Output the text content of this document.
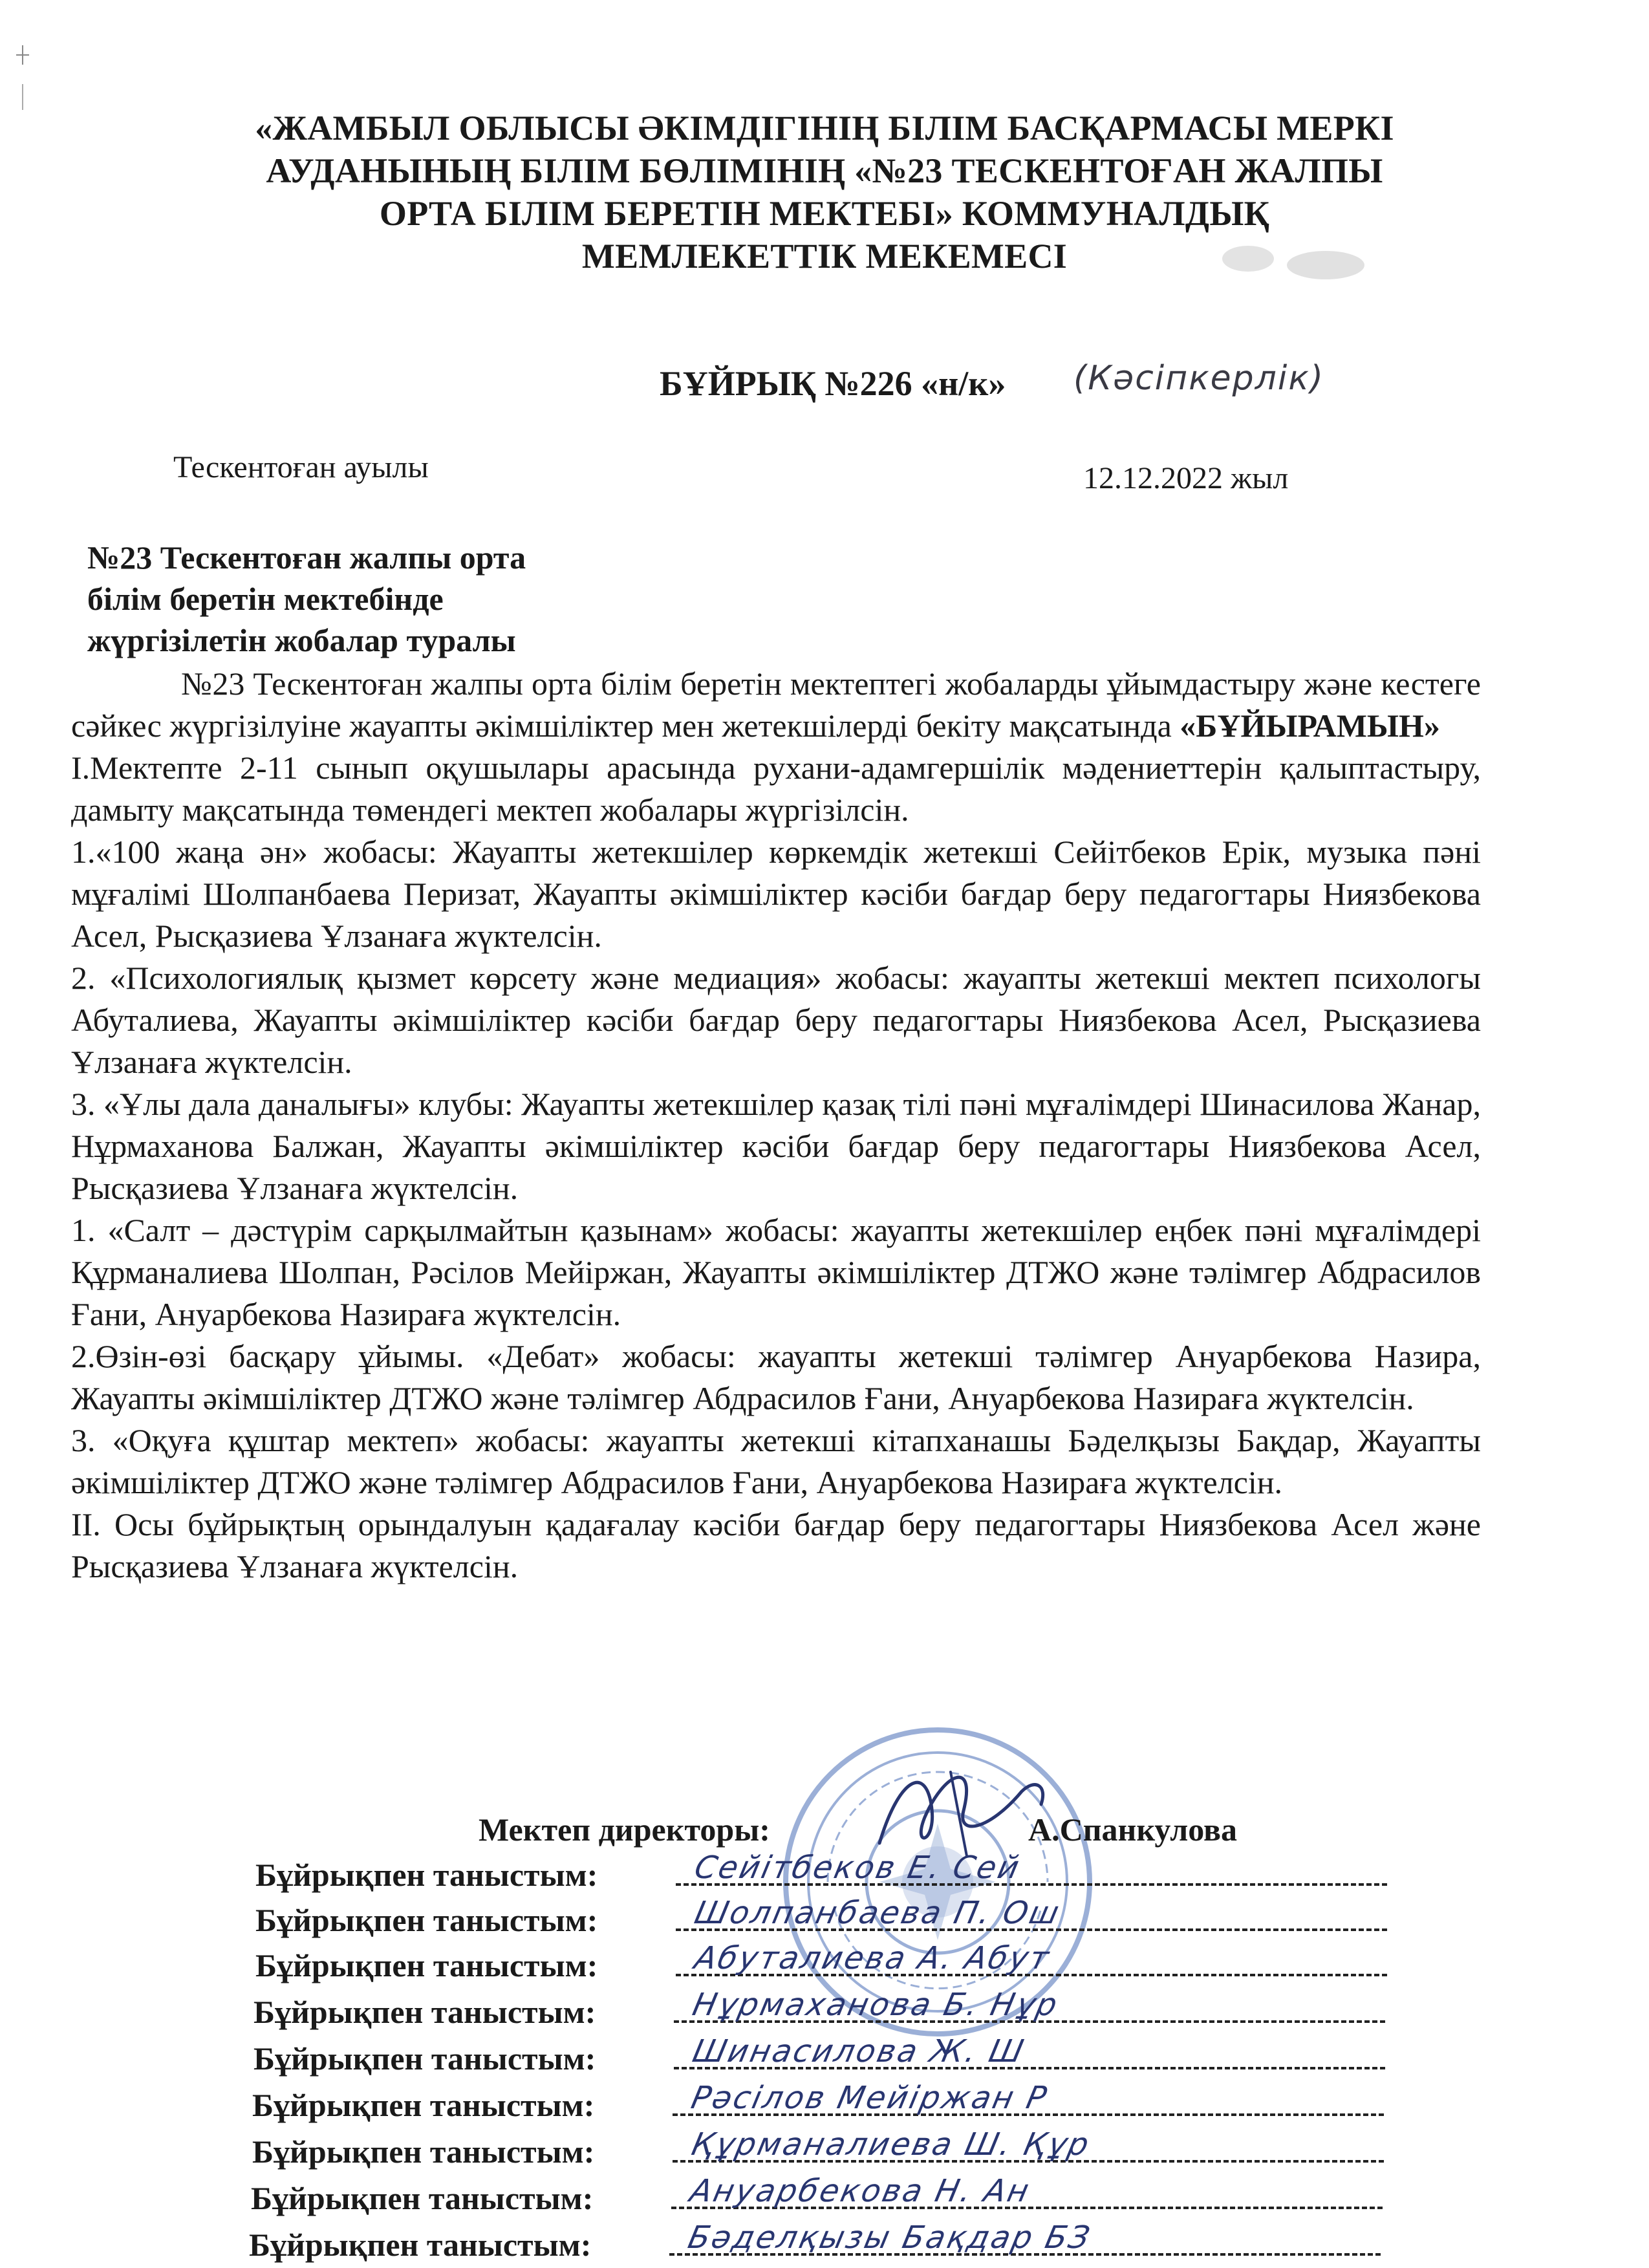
«ЖАМБЫЛ ОБЛЫСЫ ӘКІМДІГІНІҢ БІЛІМ БАСҚАРМАСЫ МЕРКІ
АУДАНЫНЫҢ БІЛІМ БӨЛІМІНІҢ «№23 ТЕСКЕНТОҒАН ЖАЛПЫ
ОРТА БІЛІМ БЕРЕТІН МЕКТЕБІ» КОММУНАЛДЫҚ
МЕМЛЕКЕТТІК МЕКЕМЕСІ
БҰЙРЫҚ №226 «н/к» (Кәсіпкерлік)
Тескентоған ауылы	12.12.2022 жыл
№23 Тескентоған жалпы орта
білім беретін мектебінде
жүргізілетін жобалар туралы

№23 Тескентоған жалпы орта білім беретін мектептегі жобаларды ұйымдастыру және кестеге сәйкес жүргізілуіне жауапты әкімшіліктер мен жетекшілерді бекіту мақсатында «БҰЙЫРАМЫН»

I.Мектепте 2-11 сынып оқушылары арасында рухани-адамгершілік мәдениеттерін қалыптастыру, дамыту мақсатында төмендегі мектеп жобалары жүргізілсін.

1.«100 жаңа ән» жобасы: Жауапты жетекшілер көркемдік жетекші Сейітбеков Ерік, музыка пәні мұғалімі Шолпанбаева Перизат, Жауапты әкімшіліктер кәсіби бағдар беру педагогтары Ниязбекова Асел, Рысқазиева Ұлзанаға жүктелсін.

2. «Психологиялық қызмет көрсету және медиация» жобасы: жауапты жетекші мектеп психологы Абуталиева, Жауапты әкімшіліктер кәсіби бағдар беру педагогтары Ниязбекова Асел, Рысқазиева Ұлзанаға жүктелсін.

3. «Ұлы дала даналығы» клубы: Жауапты жетекшілер қазақ тілі пәні мұғалімдері Шинасилова Жанар, Нұрмаханова Балжан, Жауапты әкімшіліктер кәсіби бағдар беру педагогтары Ниязбекова Асел, Рысқазиева Ұлзанаға жүктелсін.

1. «Салт – дәстүрім сарқылмайтын қазынам» жобасы: жауапты жетекшілер еңбек пәні мұғалімдері Құрманалиева Шолпан, Рәсілов Мейіржан, Жауапты әкімшіліктер ДТЖО және тәлімгер Абдрасилов Ғани, Ануарбекова Назираға жүктелсін.

2.Өзін-өзі басқару ұйымы. «Дебат» жобасы: жауапты жетекші тәлімгер Ануарбекова Назира, Жауапты әкімшіліктер ДТЖО және тәлімгер Абдрасилов Ғани, Ануарбекова Назираға жүктелсін.

3. «Оқуға құштар мектеп» жобасы: жауапты жетекші кітапханашы Бәделқызы Бақдар, Жауапты әкімшіліктер ДТЖО және тәлімгер Абдрасилов Ғани, Ануарбекова Назираға жүктелсін.

II. Осы бұйрықтың орындалуын қадағалау кәсіби бағдар беру педагогтары Ниязбекова Асел және Рысқазиева Ұлзанаға жүктелсін.

Мектеп директоры:	А.Спанкулова
Бұйрықпен таныстым:	Сейітбеков Е. Сей
Бұйрықпен таныстым:	Шолпанбаева П. Ош
Бұйрықпен таныстым:	Абуталиева А. Абут
Бұйрықпен таныстым:	Нұрмаханова Б. Нұр
Бұйрықпен таныстым:	Шинасилова Ж. Ш
Бұйрықпен таныстым:	Рәсілов Мейіржан Р
Бұйрықпен таныстым:	Құрманалиева Ш. Құр
Бұйрықпен таныстым:	Ануарбекова Н. Ан
Бұйрықпен таныстым:	Бәделқызы Бақдар БЗ
